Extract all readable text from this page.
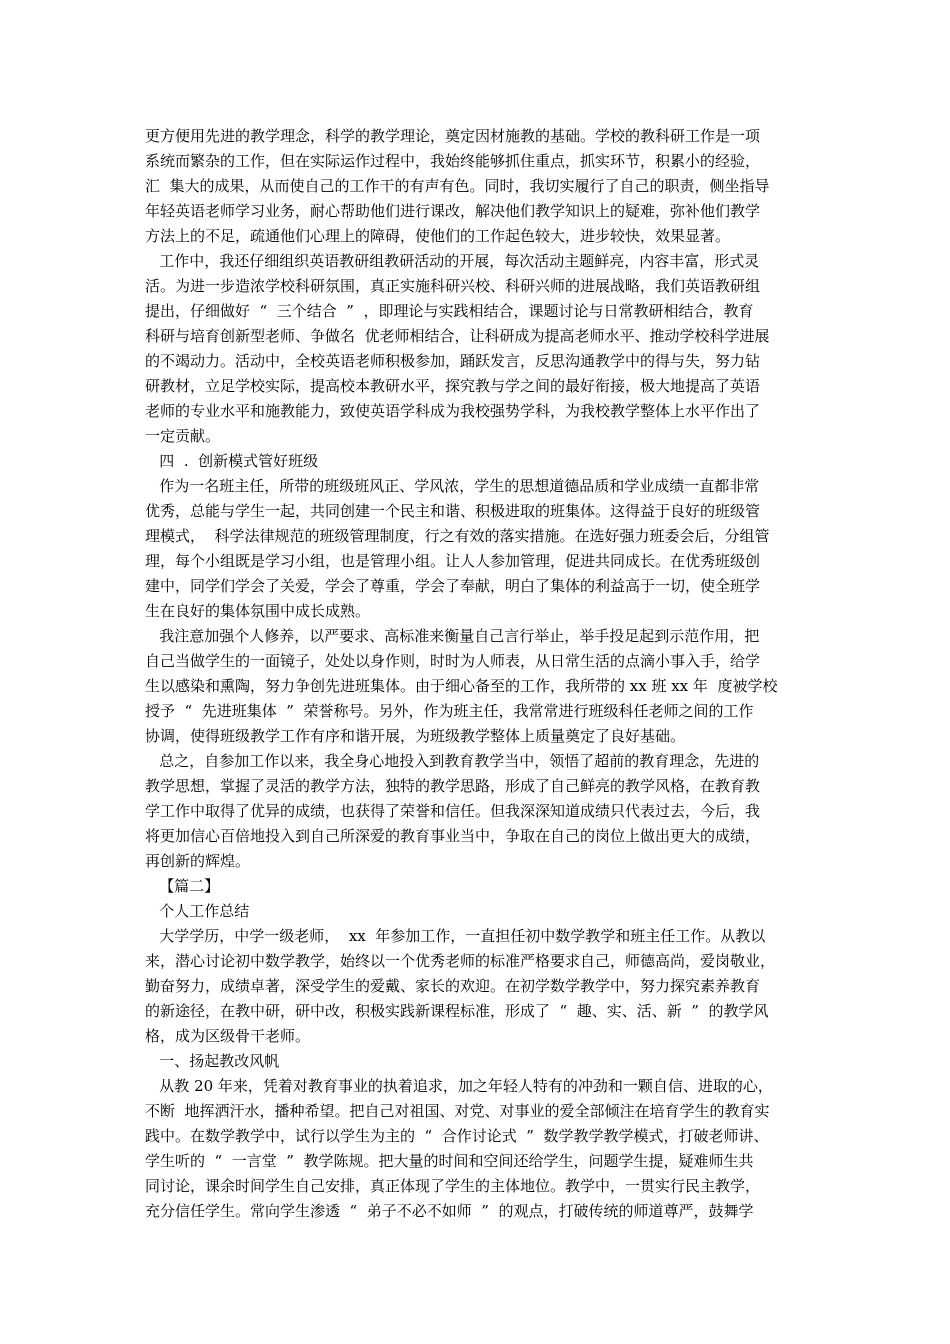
更方便用先进的教学理念，科学的教学理论，奠定因材施教的基础。学校的教科研工作是一项
系统而繁杂的工作，但在实际运作过程中，我始终能够抓住重点，抓实环节，积累小的经验，
汇  集大的成果，从而使自己的工作干的有声有色。同时，我切实履行了自己的职责，侧坐指导
年轻英语老师学习业务，耐心帮助他们进行课改，解决他们教学知识上的疑难，弥补他们教学
方法上的不足，疏通他们心理上的障碍，使他们的工作起色较大，进步较快，效果显著。
工作中，我还仔细组织英语教研组教研活动的开展，每次活动主题鲜亮，内容丰富，形式灵
活。为进一步造浓学校科研氛围，真正实施科研兴校、科研兴师的进展战略，我们英语教研组
提出，仔细做好  “  三个结合  ”  ，即理论与实践相结合，课题讨论与日常教研相结合，教育
科研与培育创新型老师、争做名  优老师相结合，让科研成为提高老师水平、推动学校科学进展
的不竭动力。活动中，全校英语老师积极参加，踊跃发言，反思沟通教学中的得与失，努力钻
研教材，立足学校实际，提高校本教研水平，探究教与学之间的最好衔接，极大地提高了英语
老师的专业水平和施教能力，致使英语学科成为我校强势学科，为我校教学整体上水平作出了
一定贡献。
四  .  创新模式管好班级
作为一名班主任，所带的班级班风正、学风浓，学生的思想道德品质和学业成绩一直都非常
优秀，总能与学生一起，共同创建一个民主和谐、积极进取的班集体。这得益于良好的班级管
理模式，  科学法律规范的班级管理制度，行之有效的落实措施。在选好强力班委会后，分组管
理，每个小组既是学习小组，也是管理小组。让人人参加管理，促进共同成长。在优秀班级创
建中，同学们学会了关爱，学会了尊重，学会了奉献，明白了集体的利益高于一切，使全班学
生在良好的集体氛围中成长成熟。
我注意加强个人修养，以严要求、高标准来衡量自己言行举止，举手投足起到示范作用，把
自己当做学生的一面镜子，处处以身作则，时时为人师表，从日常生活的点滴小事入手，给学
生以感染和熏陶，努力争创先进班集体。由于细心备至的工作，我所带的 xx 班 xx 年  度被学校
授予  “  先进班集体  ”  荣誉称号。另外，作为班主任，我常常进行班级科任老师之间的工作
协调，使得班级教学工作有序和谐开展，为班级教学整体上质量奠定了良好基础。
总之，自参加工作以来，我全身心地投入到教育教学当中，领悟了超前的教育理念，先进的
教学思想，掌握了灵活的教学方法，独特的教学思路，形成了自己鲜亮的教学风格，在教育教
学工作中取得了优异的成绩，也获得了荣誉和信任。但我深深知道成绩只代表过去，今后，我
将更加信心百倍地投入到自己所深爱的教育事业当中，争取在自己的岗位上做出更大的成绩，
再创新的辉煌。
【篇二】
个人工作总结
大学学历，中学一级老师，  xx  年参加工作，一直担任初中数学教学和班主任工作。从教以
来，潜心讨论初中数学教学，始终以一个优秀老师的标准严格要求自己，师德高尚，爱岗敬业，
勤奋努力，成绩卓著，深受学生的爱戴、家长的欢迎。在初学数学教学中，努力探究素养教育
的新途径，在教中研，研中改，积极实践新课程标准，形成了  “  趣、实、活、新  ”  的教学风
格，成为区级骨干老师。
一、扬起教改风帆
从教 20 年来，凭着对教育事业的执着追求，加之年轻人特有的冲劲和一颗自信、进取的心，
不断  地挥洒汗水，播种希望。把自己对祖国、对党、对事业的爱全部倾注在培育学生的教育实
践中。在数学教学中，试行以学生为主的  “  合作讨论式  ”  数学教学教学模式，打破老师讲、
学生听的  “  一言堂  ”  教学陈规。把大量的时间和空间还给学生，问题学生提，疑难师生共
同讨论，课余时间学生自己安排，真正体现了学生的主体地位。教学中，一贯实行民主教学，
充分信任学生。常向学生渗透  “  弟子不必不如师  ”  的观点，打破传统的师道尊严，鼓舞学
